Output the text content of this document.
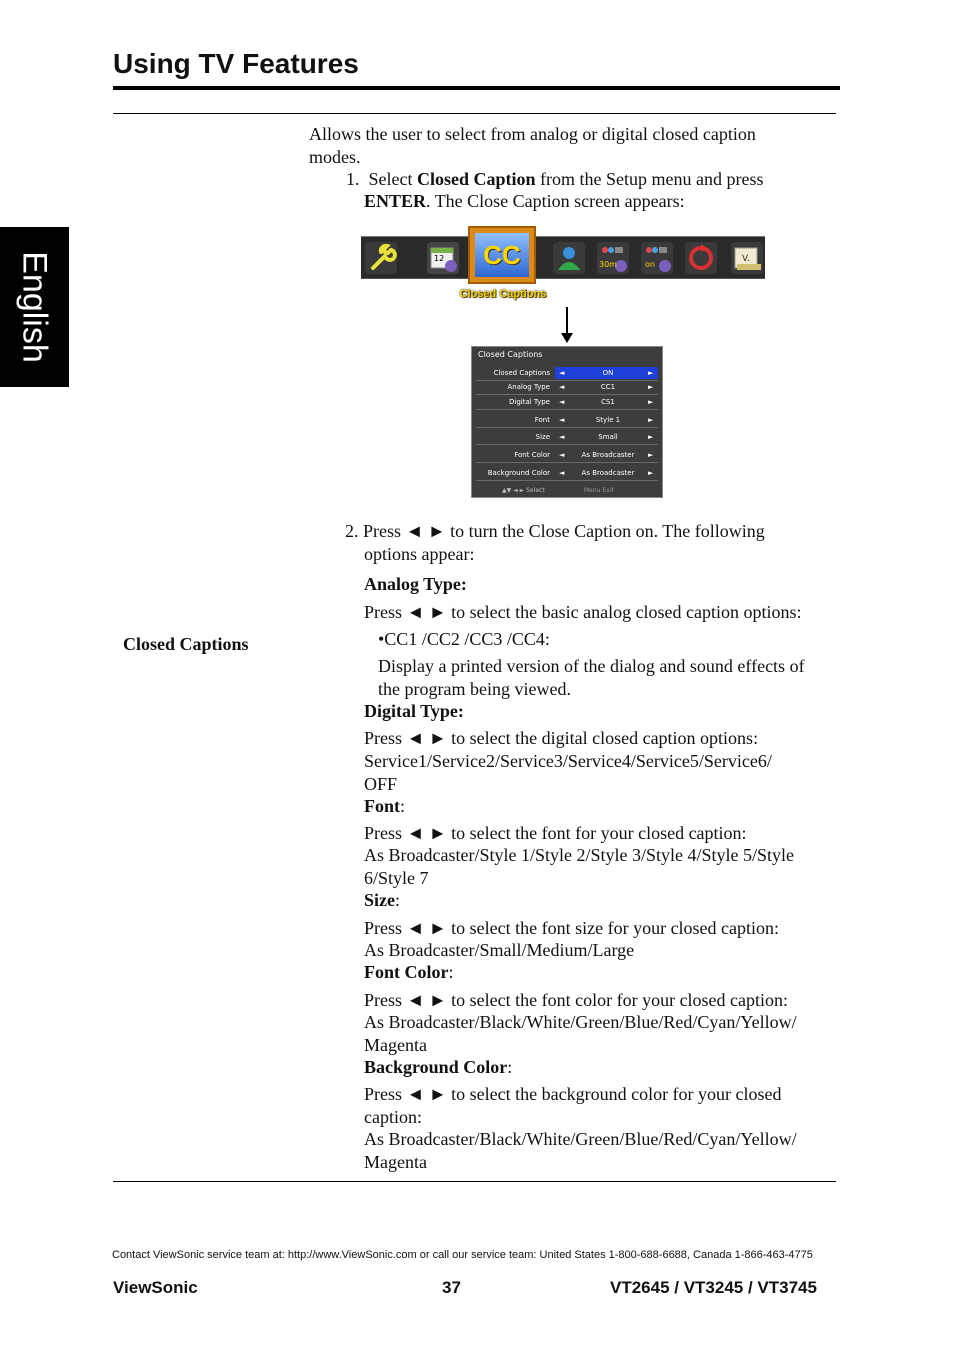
Using TV Features
English
Closed Captions
Allows the user to select from analog or digital closed caption modes.
1. Select Closed Caption from the Setup menu and press
ENTER. The Close Caption screen appears:
12
30m	on
V.
CC
Closed Captions
Closed Captions
Closed Captions ◄	ON	►
Analog Type ◄	CC1	►
Digital Type ◄	CS1	►
Font ◄	Style 1	►
Size ◄	Small	►
Font Color ◄	As Broadcaster	►
Background Color ◄	As Broadcaster	►
▲▼ ◄ ► Select	Menu Exit
2. Press ◄ ► to turn the Close Caption on. The following
options appear:
Analog Type:
Press ◄ ► to select the basic analog closed caption options:
•CC1 /CC2 /CC3 /CC4:
Display a printed version of the dialog and sound effects of the program being viewed.
Digital Type:
Press ◄ ► to select the digital closed caption options:
Service1/Service2/Service3/Service4/Service5/Service6/ OFF
Font:
Press ◄ ► to select the font for your closed caption:
As Broadcaster/Style 1/Style 2/Style 3/Style 4/Style 5/Style 6/Style 7
Size:
Press ◄ ► to select the font size for your closed caption:
As Broadcaster/Small/Medium/Large
Font Color:
Press ◄ ► to select the font color for your closed caption:
As Broadcaster/Black/White/Green/Blue/Red/Cyan/Yellow/ Magenta
Background Color:
Press ◄ ► to select the background color for your closed caption:
As Broadcaster/Black/White/Green/Blue/Red/Cyan/Yellow/ Magenta
Contact ViewSonic service team at: http://www.ViewSonic.com or call our service team: United States 1-800-688-6688, Canada 1-866-463-4775
ViewSonic	37	VT2645 / VT3245 / VT3745
